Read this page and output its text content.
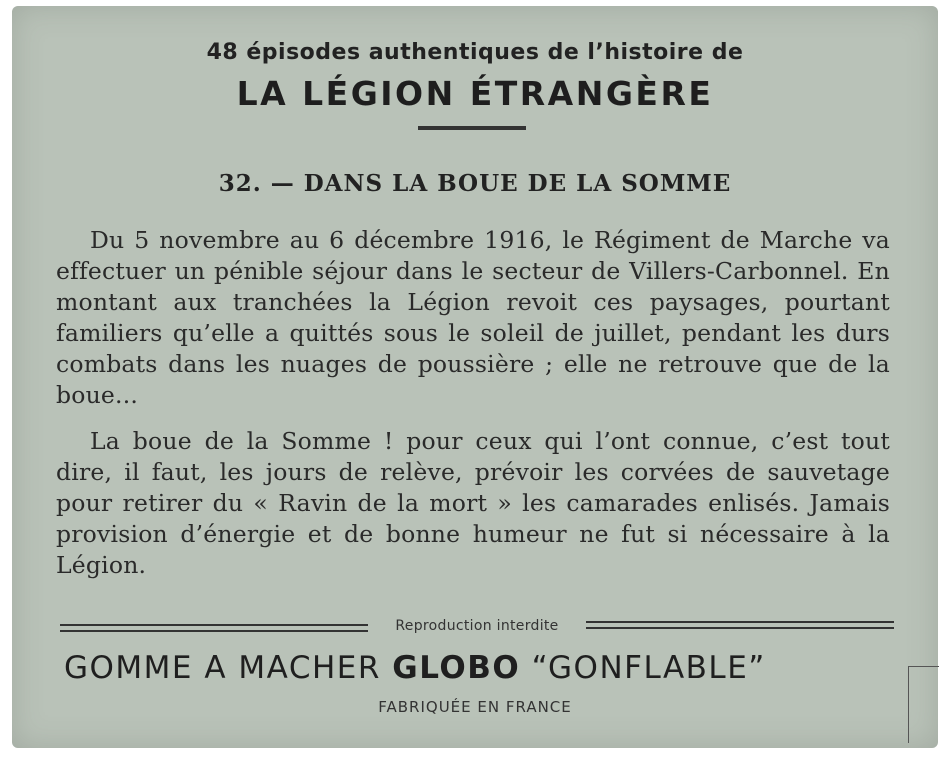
48 épisodes authentiques de l’histoire de
LA LÉGION ÉTRANGÈRE
32. — DANS LA BOUE DE LA SOMME
Du 5 novembre au 6 décembre 1916, le Régiment de Marche va effectuer un pénible séjour dans le secteur de Villers-Carbonnel. En montant aux tranchées la Légion revoit ces paysages, pourtant familiers qu’elle a quittés sous le soleil de juillet, pendant les durs combats dans les nuages de poussière ; elle ne retrouve que de la boue...
La boue de la Somme ! pour ceux qui l’ont connue, c’est tout dire, il faut, les jours de relève, prévoir les corvées de sauvetage pour retirer du « Ravin de la mort » les camarades enlisés. Jamais provision d’énergie et de bonne humeur ne fut si nécessaire à la Légion.
Reproduction interdite
GOMME A MACHER GLOBO “GONFLABLE”
FABRIQUÉE EN FRANCE
